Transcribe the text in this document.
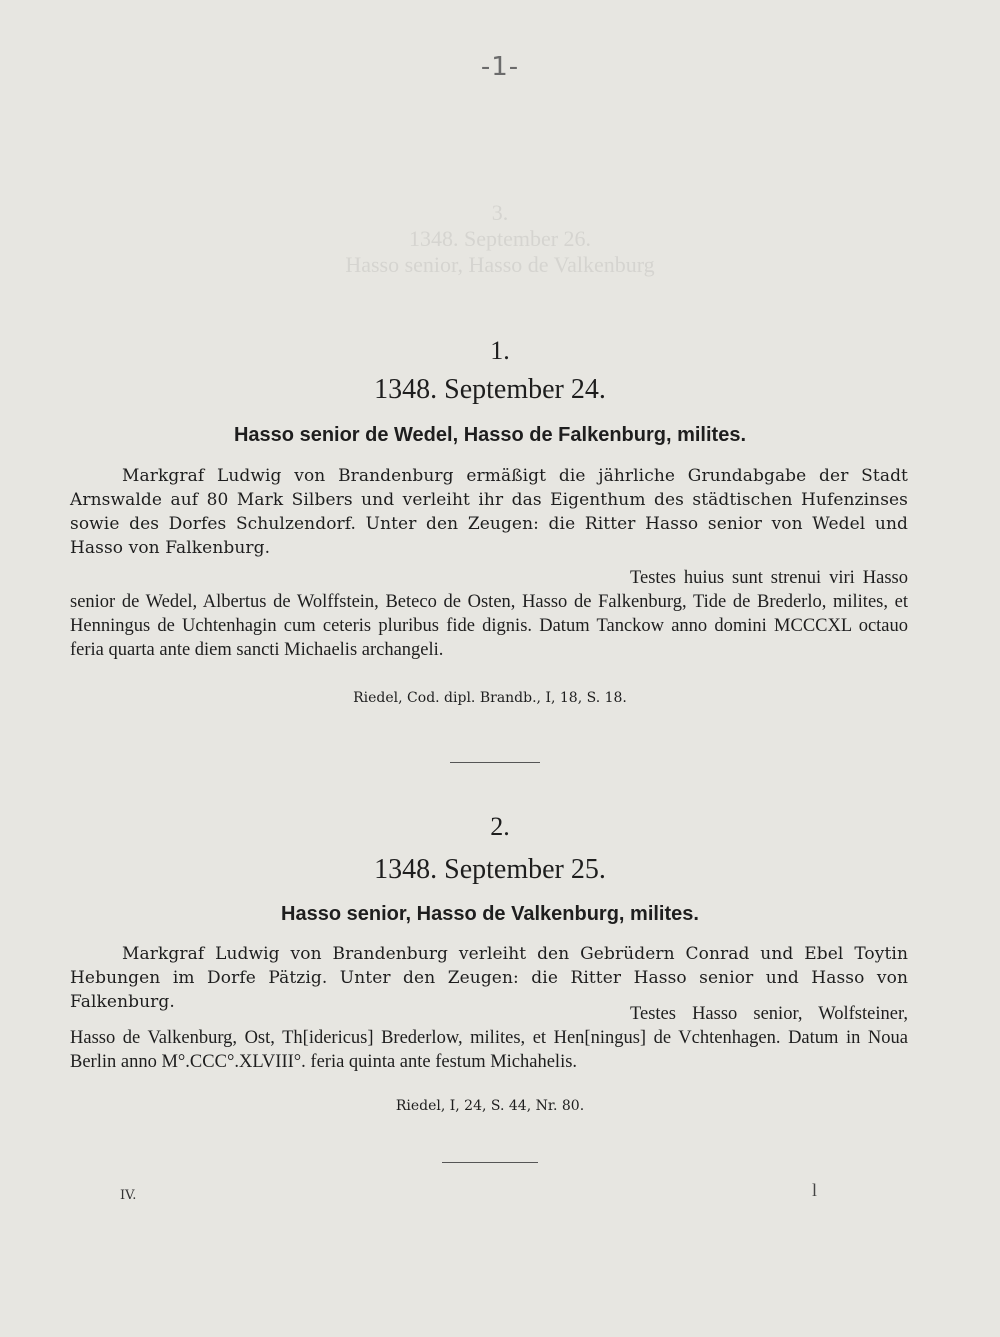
3.
1348. September 26.
Hasso senior, Hasso de Valkenburg
-1-
1.
1348. September 24.
Hasso senior de Wedel, Hasso de Falkenburg, milites.
Markgraf Ludwig von Brandenburg ermäßigt die jährliche Grundabgabe der Stadt Arnswalde auf 80 Mark Silbers und verleiht ihr das Eigenthum des städtischen Hufenzinses sowie des Dorfes Schulzendorf. Unter den Zeugen: die Ritter Hasso senior von Wedel und Hasso von Falkenburg.
Testes huius sunt strenui viri Hasso senior de Wedel, Albertus de Wolffstein, Beteco de Osten, Hasso de Falkenburg, Tide de Brederlo, milites, et Henningus de Uchtenhagin cum ceteris pluribus fide dignis. Datum Tanckow anno domini MCCCXL octauo feria quarta ante diem sancti Michaelis archangeli.
Riedel, Cod. dipl. Brandb., I, 18, S. 18.
2.
1348. September 25.
Hasso senior, Hasso de Valkenburg, milites.
Markgraf Ludwig von Brandenburg verleiht den Gebrüdern Conrad und Ebel Toytin Hebungen im Dorfe Pätzig. Unter den Zeugen: die Ritter Hasso senior und Hasso von Falkenburg.
Testes Hasso senior, Wolfsteiner, Hasso de Valkenburg, Ost, Th[idericus] Brederlow, milites, et Hen[ningus] de Vchtenhagen. Datum in Noua Berlin anno M°.CCC°.XLVIII°. feria quinta ante festum Michahelis.
Riedel, I, 24, S. 44, Nr. 80.
IV.	l
